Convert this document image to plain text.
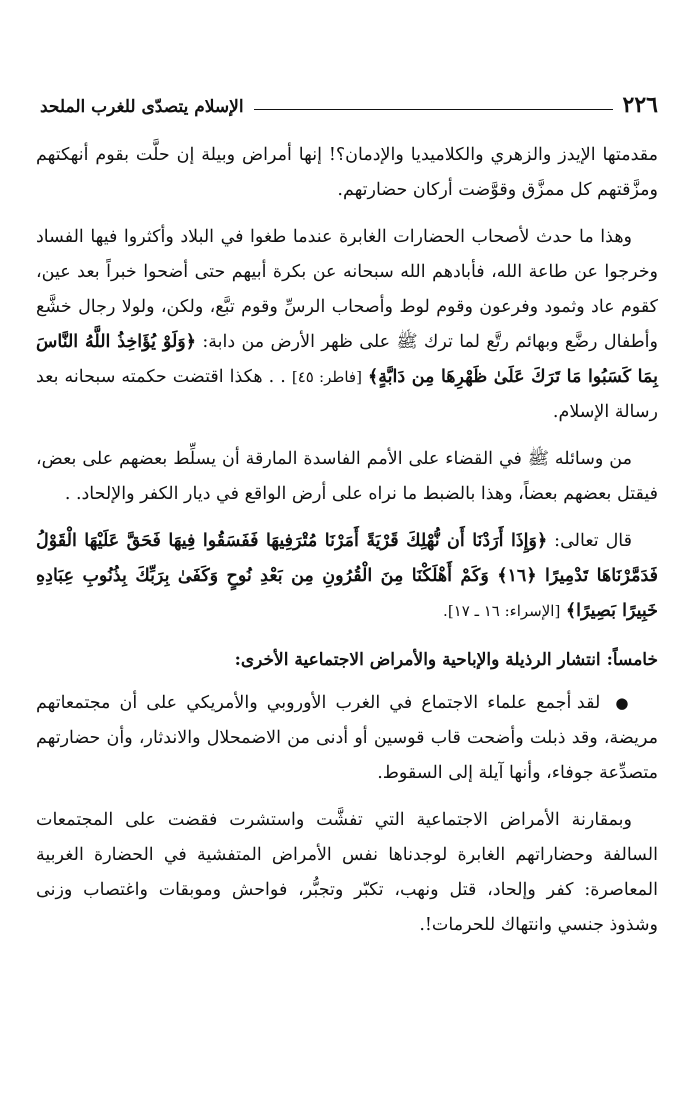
٢٢٦
الإسلام يتصدّى للغرب الملحد

مقدمتها الإيدز والزهري والكلاميديا والإدمان؟! إنها أمراض وبيلة إن حلَّت بقوم أنهكتهم ومزَّقتهم كل ممزَّق وقوَّضت أركان حضارتهم.

وهذا ما حدث لأصحاب الحضارات الغابرة عندما طغوا في البلاد وأكثروا فيها الفساد وخرجوا عن طاعة الله، فأبادهم الله سبحانه عن بكرة أبيهم حتى أضحوا خبراً بعد عين، كقوم عاد وثمود وفرعون وقوم لوط وأصحاب الرسِّ وقوم تبَّع، ولكن، ولولا رجال خشَّع وأطفال رضَّع وبهائم رتَّع لما ترك ﷺ على ظهر الأرض من دابة: ﴿وَلَوْ يُؤَاخِذُ اللَّهُ النَّاسَ بِمَا كَسَبُوا مَا تَرَكَ عَلَىٰ ظَهْرِهَا مِن دَابَّةٍ﴾ [فاطر: ٤٥] . . هكذا اقتضت حكمته سبحانه بعد رسالة الإسلام.

من وسائله ﷺ في القضاء على الأمم الفاسدة المارقة أن يسلِّط بعضهم على بعض، فيقتل بعضهم بعضاً، وهذا بالضبط ما نراه على أرض الواقع في ديار الكفر والإلحاد. .

قال تعالى: ﴿وَإِذَا أَرَدْنَا أَن نُّهْلِكَ قَرْيَةً أَمَرْنَا مُتْرَفِيهَا فَفَسَقُوا فِيهَا فَحَقَّ عَلَيْهَا الْقَوْلُ فَدَمَّرْنَاهَا تَدْمِيرًا ﴿١٦﴾ وَكَمْ أَهْلَكْنَا مِنَ الْقُرُونِ مِن بَعْدِ نُوحٍ وَكَفَىٰ بِرَبِّكَ بِذُنُوبِ عِبَادِهِ خَبِيرًا بَصِيرًا﴾ [الإسراء: ١٦ ـ ١٧].

خامساً: انتشار الرذيلة والإباحية والأمراض الاجتماعية الأخرى:

● لقد أجمع علماء الاجتماع في الغرب الأوروبي والأمريكي على أن مجتمعاتهم مريضة، وقد ذبلت وأضحت قاب قوسين أو أدنى من الاضمحلال والاندثار، وأن حضارتهم متصدِّعة جوفاء، وأنها آيلة إلى السقوط.

وبمقارنة الأمراض الاجتماعية التي تفشَّت واستشرت فقضت على المجتمعات السالفة وحضاراتهم الغابرة لوجدناها نفس الأمراض المتفشية في الحضارة الغربية المعاصرة: كفر وإلحاد، قتل ونهب، تكبّر وتجبُّر، فواحش وموبقات واغتصاب وزنى وشذوذ جنسي وانتهاك للحرمات!.
